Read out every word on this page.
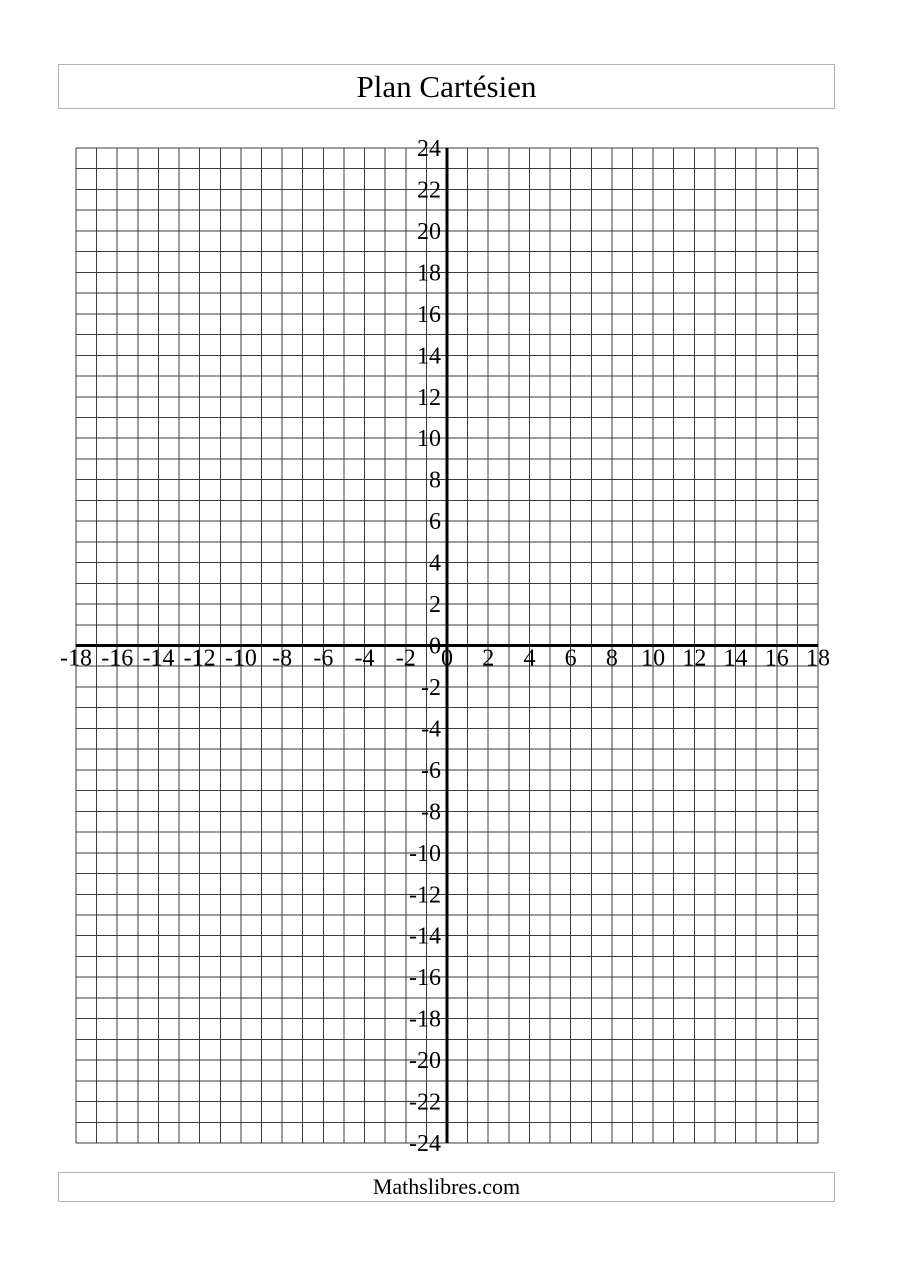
Plan Cartésien
-18 -16 -14 -12 -10 -8 -6 -4 -2 0 2 4 6 8 10 12 14 16 18
24
22
20
18
16
14
12
10
8
6
4
2
0
-2
-4
-6
-8
-10
-12
-14
-16
-18
-20
-22
-24
Mathslibres.com
